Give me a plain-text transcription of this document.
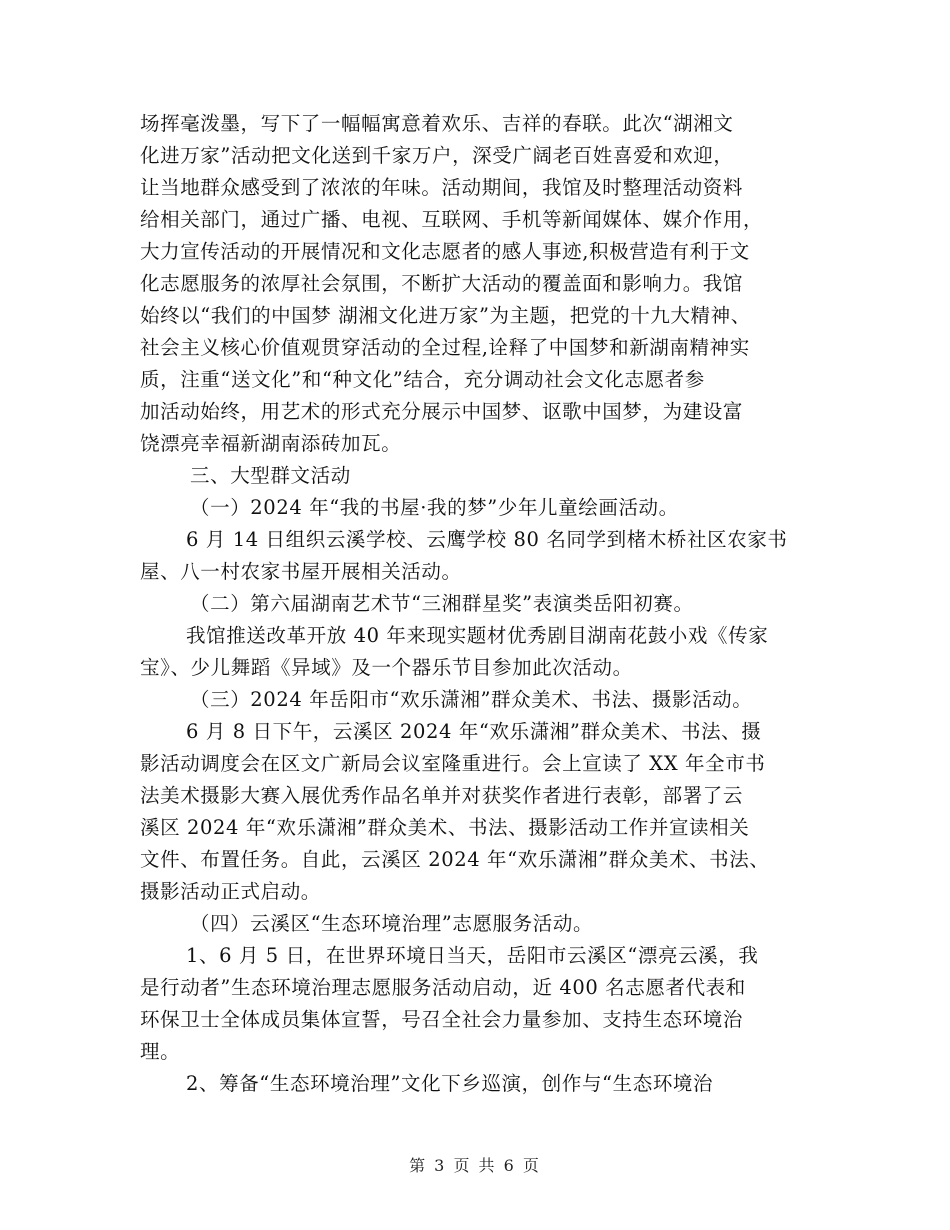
场挥毫泼墨，写下了一幅幅寓意着欢乐、吉祥的春联。此次“湖湘文
化进万家”活动把文化送到千家万户，深受广阔老百姓喜爱和欢迎，
让当地群众感受到了浓浓的年味。活动期间，我馆及时整理活动资料
给相关部门，通过广播、电视、互联网、手机等新闻媒体、媒介作用，
大力宣传活动的开展情况和文化志愿者的感人事迹,积极营造有利于文
化志愿服务的浓厚社会氛围，不断扩大活动的覆盖面和影响力。我馆
始终以“我们的中国梦 湖湘文化进万家”为主题，把党的十九大精神、
社会主义核心价值观贯穿活动的全过程,诠释了中国梦和新湖南精神实
质，注重“送文化”和“种文化”结合，充分调动社会文化志愿者参
加活动始终，用艺术的形式充分展示中国梦、讴歌中国梦，为建设富
饶漂亮幸福新湖南添砖加瓦。
三、大型群文活动
（一）2024 年“我的书屋·我的梦”少年儿童绘画活动。
6 月 14 日组织云溪学校、云鹰学校 80 名同学到楮木桥社区农家书
屋、八一村农家书屋开展相关活动。
（二）第六届湖南艺术节“三湘群星奖”表演类岳阳初赛。
我馆推送改革开放 40 年来现实题材优秀剧目湖南花鼓小戏《传家
宝》、少儿舞蹈《异域》及一个器乐节目参加此次活动。
（三）2024 年岳阳市“欢乐潇湘”群众美术、书法、摄影活动。
6 月 8 日下午，云溪区 2024 年“欢乐潇湘”群众美术、书法、摄
影活动调度会在区文广新局会议室隆重进行。会上宣读了 XX 年全市书
法美术摄影大赛入展优秀作品名单并对获奖作者进行表彰，部署了云
溪区 2024 年“欢乐潇湘”群众美术、书法、摄影活动工作并宣读相关
文件、布置任务。自此，云溪区 2024 年“欢乐潇湘”群众美术、书法、
摄影活动正式启动。
（四）云溪区“生态环境治理”志愿服务活动。
1、6 月 5 日，在世界环境日当天，岳阳市云溪区“漂亮云溪，我
是行动者”生态环境治理志愿服务活动启动，近 400 名志愿者代表和
环保卫士全体成员集体宣誓，号召全社会力量参加、支持生态环境治
理。
2、筹备“生态环境治理”文化下乡巡演，创作与“生态环境治
第 3 页 共 6 页
